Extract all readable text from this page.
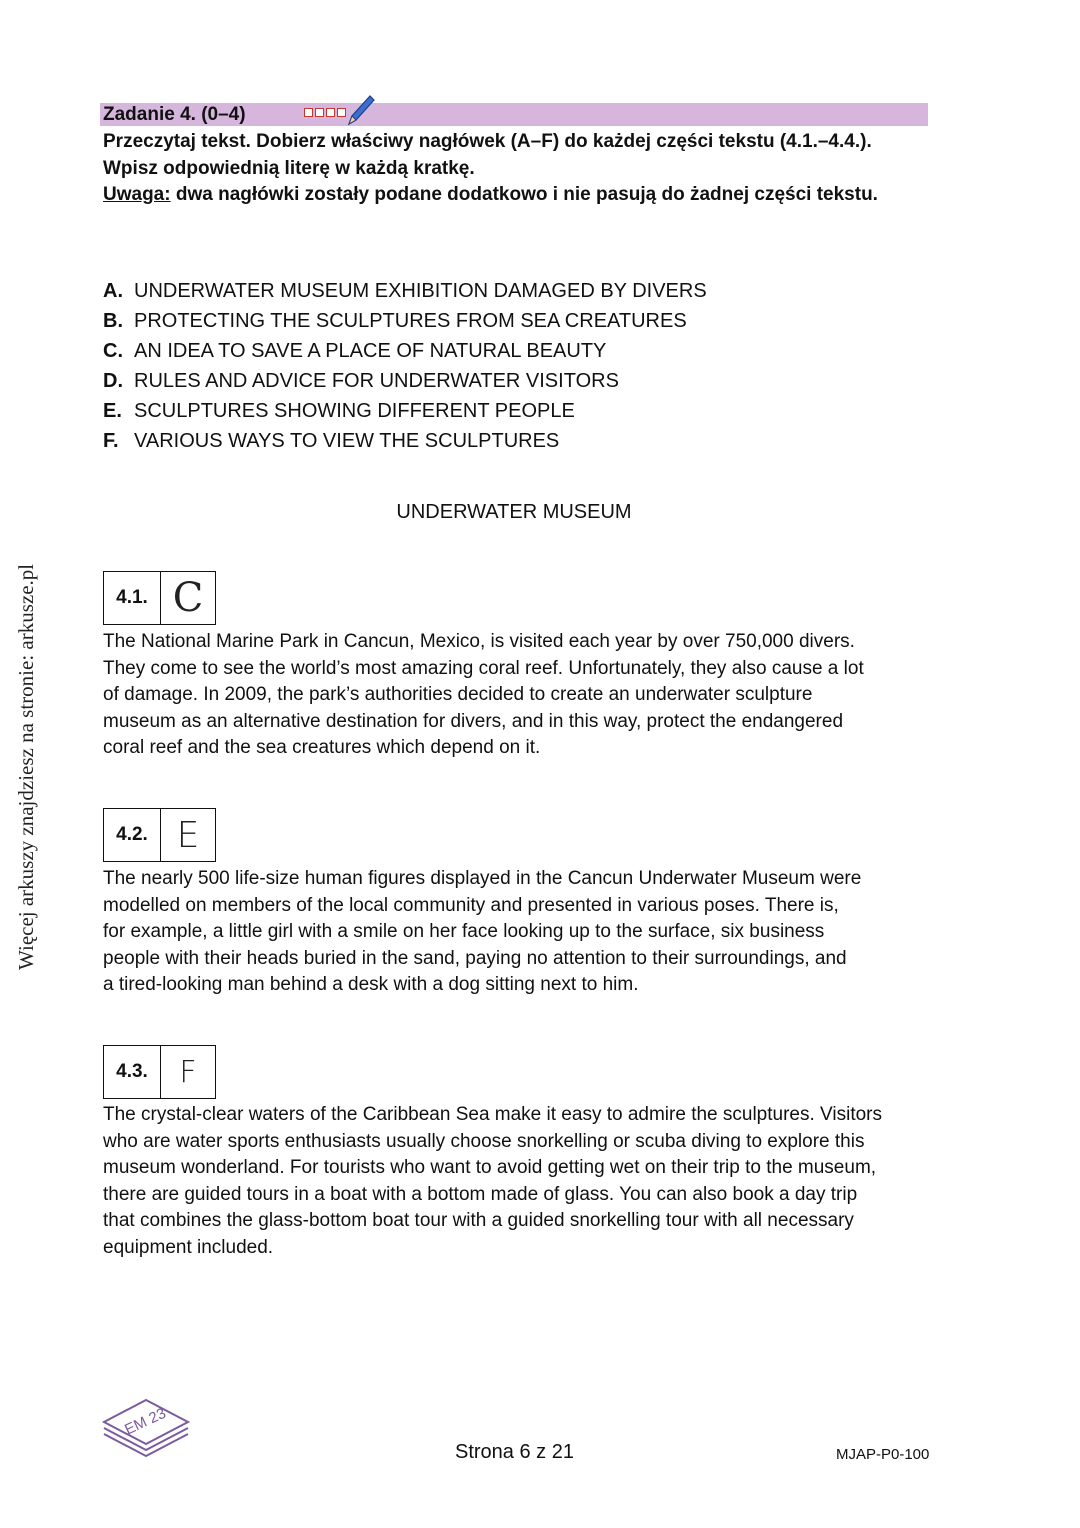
Więcej arkuszy znajdziesz na stronie: arkusze.pl
Zadanie 4. (0–4)
Przeczytaj tekst. Dobierz właściwy nagłówek (A–F) do każdej części tekstu (4.1.–4.4.).
Wpisz odpowiednią literę w każdą kratkę.
Uwaga: dwa nagłówki zostały podane dodatkowo i nie pasują do żadnej części tekstu.
A. UNDERWATER MUSEUM EXHIBITION DAMAGED BY DIVERS
B. PROTECTING THE SCULPTURES FROM SEA CREATURES
C. AN IDEA TO SAVE A PLACE OF NATURAL BEAUTY
D. RULES AND ADVICE FOR UNDERWATER VISITORS
E. SCULPTURES SHOWING DIFFERENT PEOPLE
F. VARIOUS WAYS TO VIEW THE SCULPTURES
UNDERWATER MUSEUM
4.1. C
The National Marine Park in Cancun, Mexico, is visited each year by over 750,000 divers.
They come to see the world’s most amazing coral reef. Unfortunately, they also cause a lot
of damage. In 2009, the park’s authorities decided to create an underwater sculpture
museum as an alternative destination for divers, and in this way, protect the endangered
coral reef and the sea creatures which depend on it.
4.2. E
The nearly 500 life-size human figures displayed in the Cancun Underwater Museum were
modelled on members of the local community and presented in various poses. There is,
for example, a little girl with a smile on her face looking up to the surface, six business
people with their heads buried in the sand, paying no attention to their surroundings, and
a tired-looking man behind a desk with a dog sitting next to him.
4.3.	F
The crystal-clear waters of the Caribbean Sea make it easy to admire the sculptures. Visitors
who are water sports enthusiasts usually choose snorkelling or scuba diving to explore this
museum wonderland. For tourists who want to avoid getting wet on their trip to the museum,
there are guided tours in a boat with a bottom made of glass. You can also book a day trip
that combines the glass-bottom boat tour with a guided snorkelling tour with all necessary
equipment included.
EM 23
Strona 6 z 21	MJAP-P0-100
